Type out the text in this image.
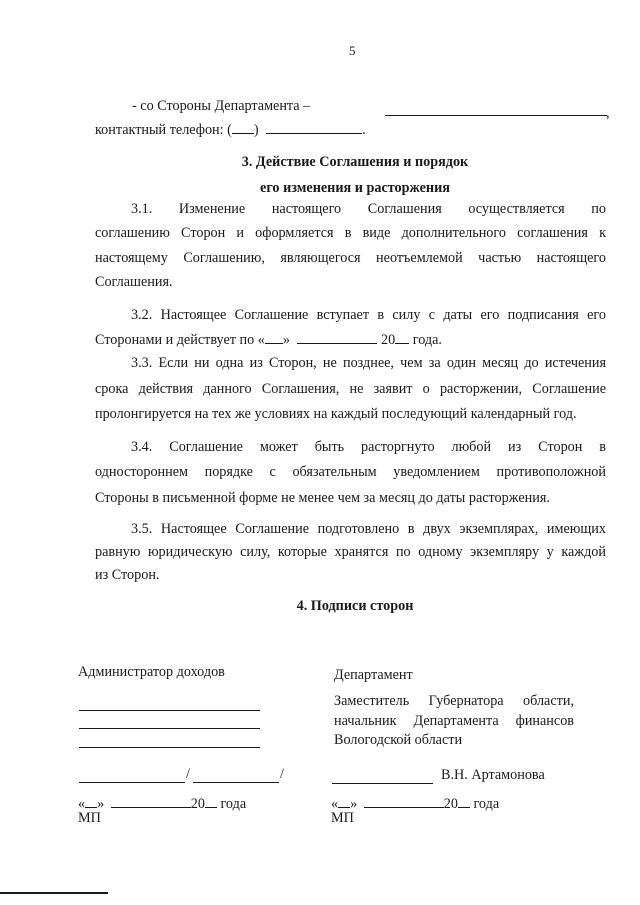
5
- со Стороны Департамента –	,
контактный телефон: ( )	.
3. Действие Соглашения и порядок
его изменения и расторжения
3.1. Изменение настоящего Соглашения осуществляется по
соглашению Сторон и оформляется в виде дополнительного соглашения к
настоящему Соглашению, являющегося неотъемлемой частью настоящего
Соглашения.
3.2. Настоящее Соглашение вступает в силу с даты его подписания его
Сторонами и действует по « »	20 года.
3.3. Если ни одна из Сторон, не позднее, чем за один месяц до истечения
срока действия данного Соглашения, не заявит о расторжении, Соглашение
пролонгируется на тех же условиях на каждый последующий календарный год.
3.4. Соглашение может быть расторгнуто любой из Сторон в
одностороннем порядке с обязательным уведомлением противоположной
Стороны в письменной форме не менее чем за месяц до даты расторжения.
3.5. Настоящее Соглашение подготовлено в двух экземплярах, имеющих
равную юридическую силу, которые хранятся по одному экземпляру у каждой
из Сторон.
4. Подписи сторон
Администратор доходов
/	/
« »	20 года
МП
Департамент
Заместитель Губернатора области,
начальник Департамента финансов
Вологодской области
В.Н. Артамонова
« »	20 года
МП
